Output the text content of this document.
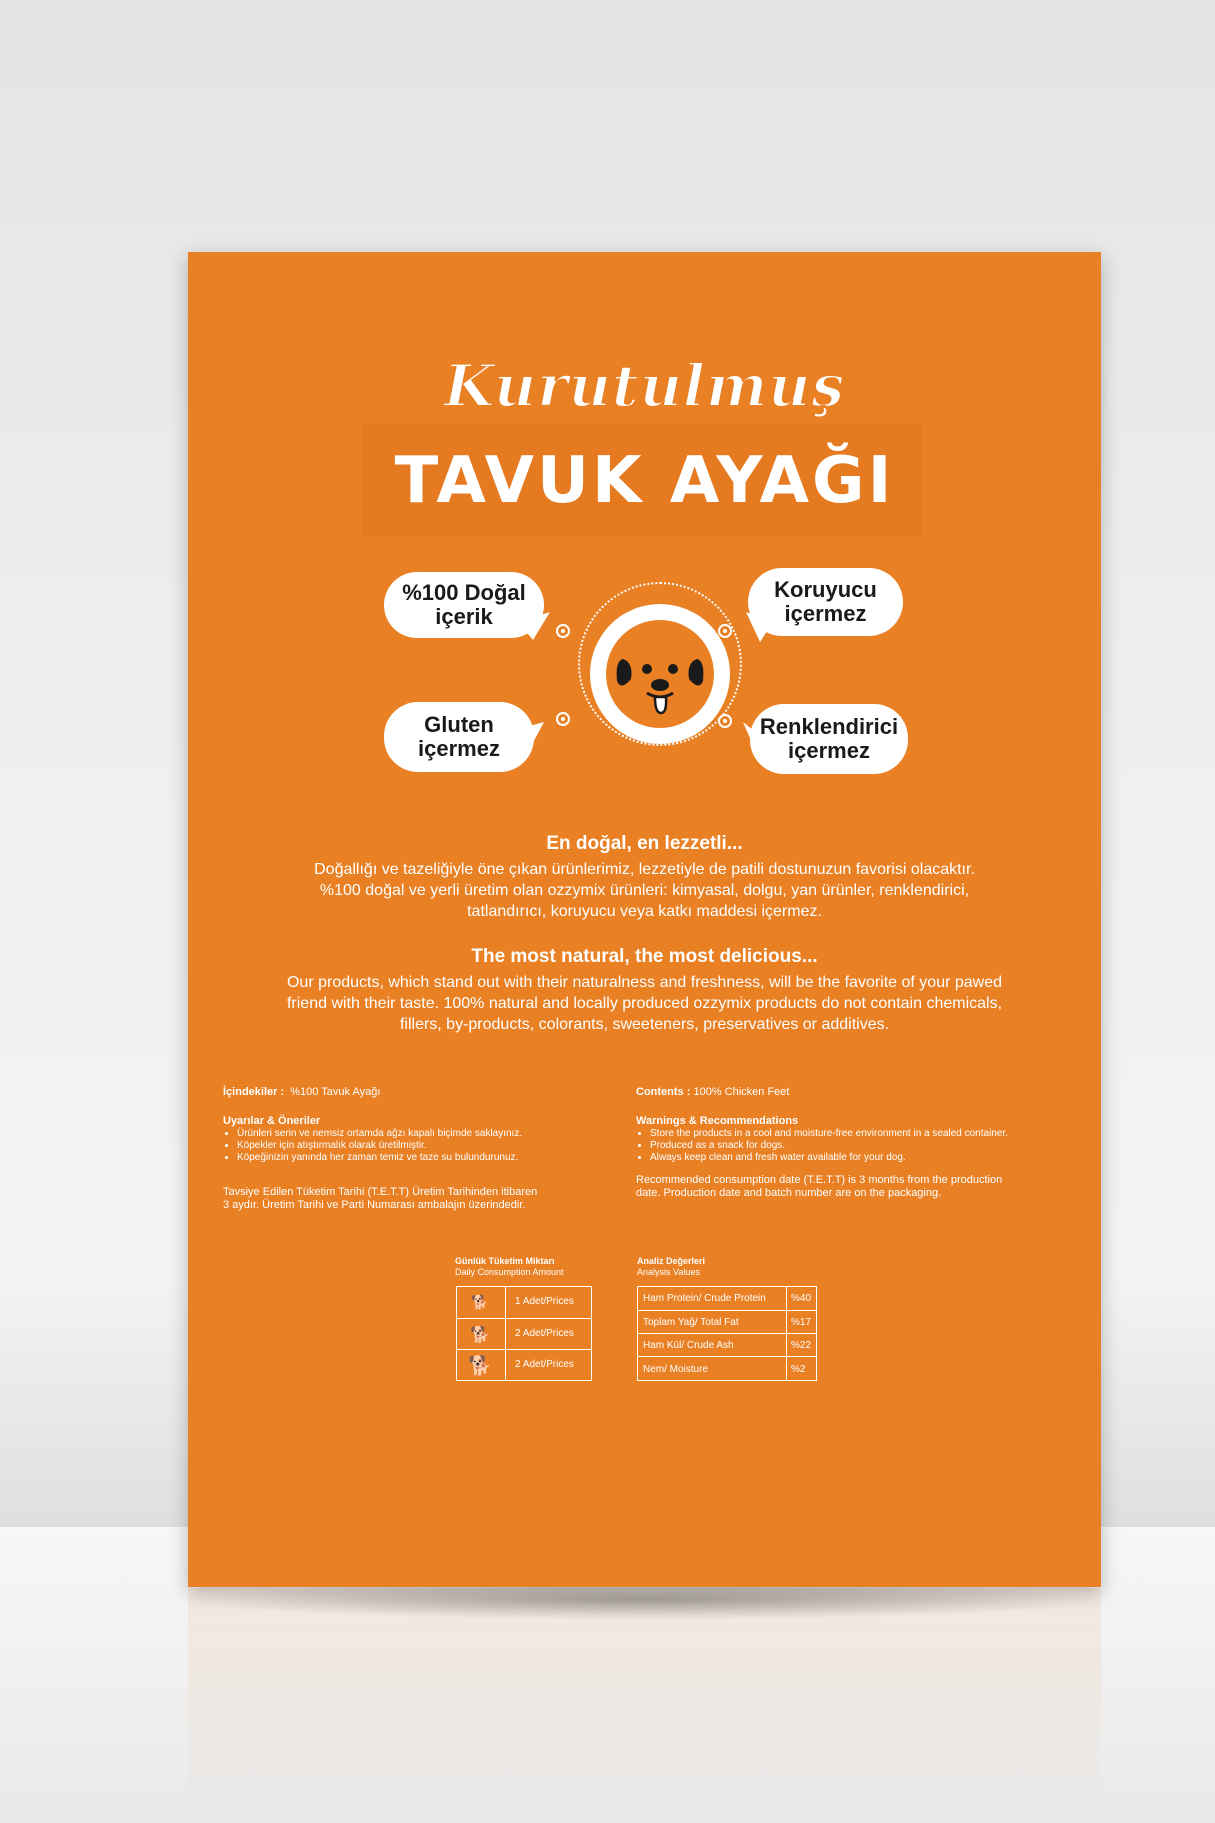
Kurutulmuş
TAVUK AYAĞI
%100 Doğal
içerik
Koruyucu
içermez
Gluten
içermez
Renklendirici
içermez
En doğal, en lezzetli...
Doğallığı ve tazeliğiyle öne çıkan ürünlerimiz, lezzetiyle de patili dostunuzun favorisi olacaktır.
%100 doğal ve yerli üretim olan ozzymix ürünleri: kimyasal, dolgu, yan ürünler, renklendirici,
tatlandırıcı, koruyucu veya katkı maddesi içermez.
The most natural, the most delicious...
Our products, which stand out with their naturalness and freshness, will be the favorite of your pawed
friend with their taste. 100% natural and locally produced ozzymix products do not contain chemicals,
fillers, by-products, colorants, sweeteners, preservatives or additives.
İçindekiler : %100 Tavuk Ayağı
Uyarılar & Öneriler
• Ürünleri serin ve nemsiz ortamda ağzı kapalı biçimde saklayınız.
• Köpekler için atıştırmalık olarak üretilmiştir.
• Köpeğinizin yanında her zaman temiz ve taze su bulundurunuz.
Tavsiye Edilen Tüketim Tarihi (T.E.T.T) Üretim Tarihinden itibaren
3 aydır. Üretim Tarihi ve Parti Numarası ambalajın üzerindedir.
Contents : 100% Chicken Feet
Warnings & Recommendations
• Store the products in a cool and moisture-free environment in a sealed container.
• Produced as a snack for dogs.
• Always keep clean and fresh water available for your dog.
Recommended consumption date (T.E.T.T) is 3 months from the production
date. Production date and batch number are on the packaging.
Günlük Tüketim Miktarı
Daily Consumption Amount
🐕	1 Adet/Prices
🐕	2 Adet/Prices
🐕 2 Adet/Prices
Analiz Değerleri
Analysis Values
Ham Protein/ Crude Protein	%40
Toplam Yağ/ Total Fat	%17
Ham Kül/ Crude Ash	%22
Nem/ Moisture	%2
